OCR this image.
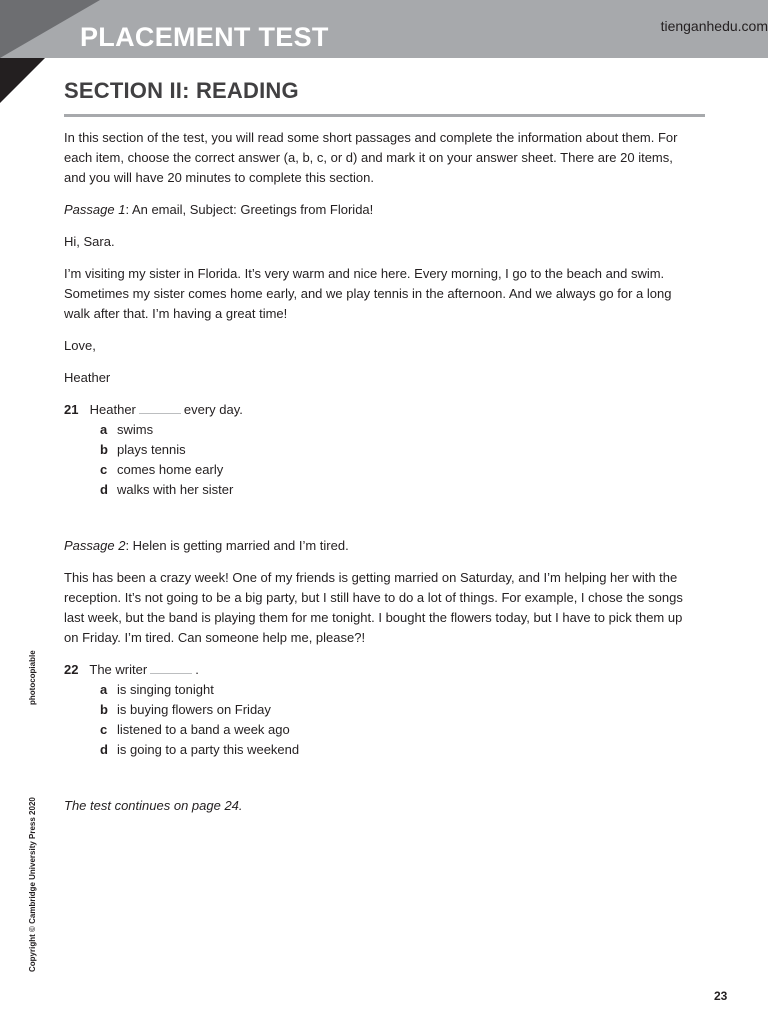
PLACEMENT TEST	tienganhedu.com
SECTION II: READING

In this section of the test, you will read some short passages and complete the information about them. For each item, choose the correct answer (a, b, c, or d) and mark it on your answer sheet. There are 20 items, and you will have 20 minutes to complete this section.

Passage 1: An email, Subject: Greetings from Florida!

Hi, Sara.

I’m visiting my sister in Florida. It’s very warm and nice here. Every morning, I go to the beach and swim. Sometimes my sister comes home early, and we play tennis in the afternoon. And we always go for a long walk after that. I’m having a great time!

Love,

Heather

21 Heather	every day.
a swims
b plays tennis
c comes home early
d walks with her sister

Passage 2: Helen is getting married and I’m tired.

This has been a crazy week! One of my friends is getting married on Saturday, and I’m helping her with the reception. It’s not going to be a big party, but I still have to do a lot of things. For example, I chose the songs last week, but the band is playing them for me tonight. I bought the flowers today, but I have to pick them up on Friday. I’m tired. Can someone help me, please?!

22 The writer	.
a is singing tonight
b is buying flowers on Friday
c listened to a band a week ago
d is going to a party this weekend

The test continues on page 24.

photocopiable
Copyright © Cambridge University Press 2020
23
